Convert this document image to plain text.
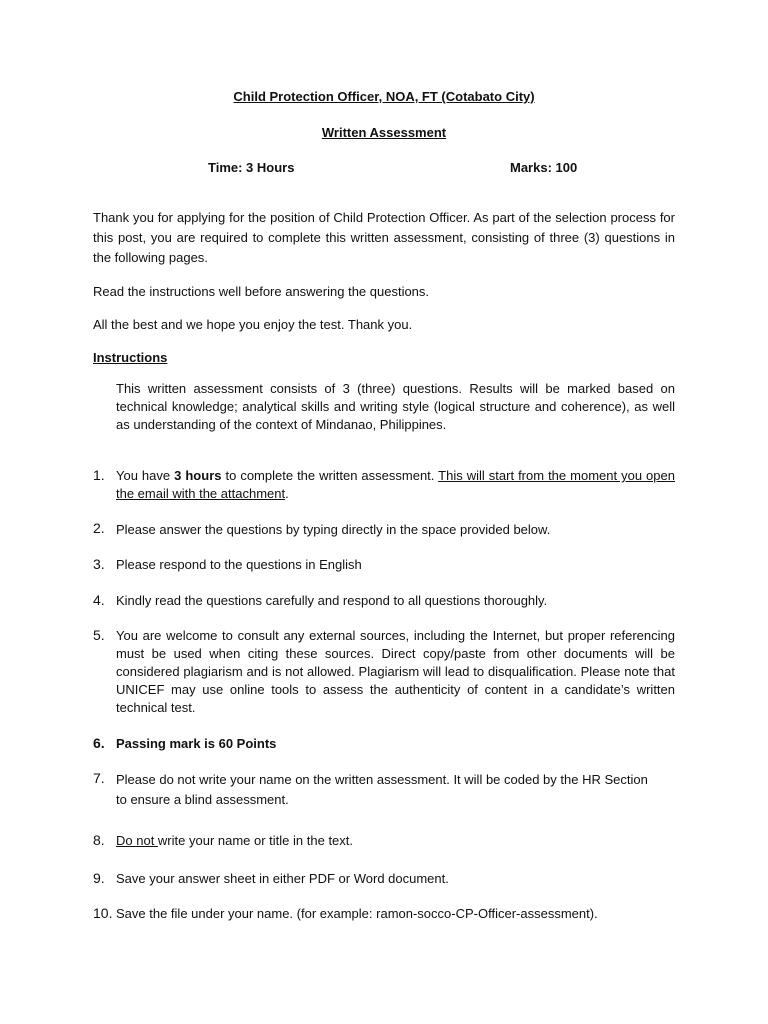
Child Protection Officer, NOA, FT (Cotabato City)
Written Assessment
Time: 3 Hours	Marks: 100
Thank you for applying for the position of Child Protection Officer. As part of the selection process for this post, you are required to complete this written assessment, consisting of three (3) questions in the following pages.
Read the instructions well before answering the questions.
All the best and we hope you enjoy the test. Thank you.
Instructions
This written assessment consists of 3 (three) questions. Results will be marked based on technical knowledge; analytical skills and writing style (logical structure and coherence), as well as understanding of the context of Mindanao, Philippines.
1. You have 3 hours to complete the written assessment. This will start from the moment you open the email with the attachment.
2. Please answer the questions by typing directly in the space provided below.
3. Please respond to the questions in English
4. Kindly read the questions carefully and respond to all questions thoroughly.
5. You are welcome to consult any external sources, including the Internet, but proper referencing must be used when citing these sources. Direct copy/paste from other documents will be considered plagiarism and is not allowed. Plagiarism will lead to disqualification. Please note that UNICEF may use online tools to assess the authenticity of content in a candidate’s written technical test.
6. Passing mark is 60 Points
7. Please do not write your name on the written assessment. It will be coded by the HR Section to ensure a blind assessment.
8. Do not write your name or title in the text.
9. Save your answer sheet in either PDF or Word document.
10. Save the file under your name. (for example: ramon-socco-CP-Officer-assessment).
